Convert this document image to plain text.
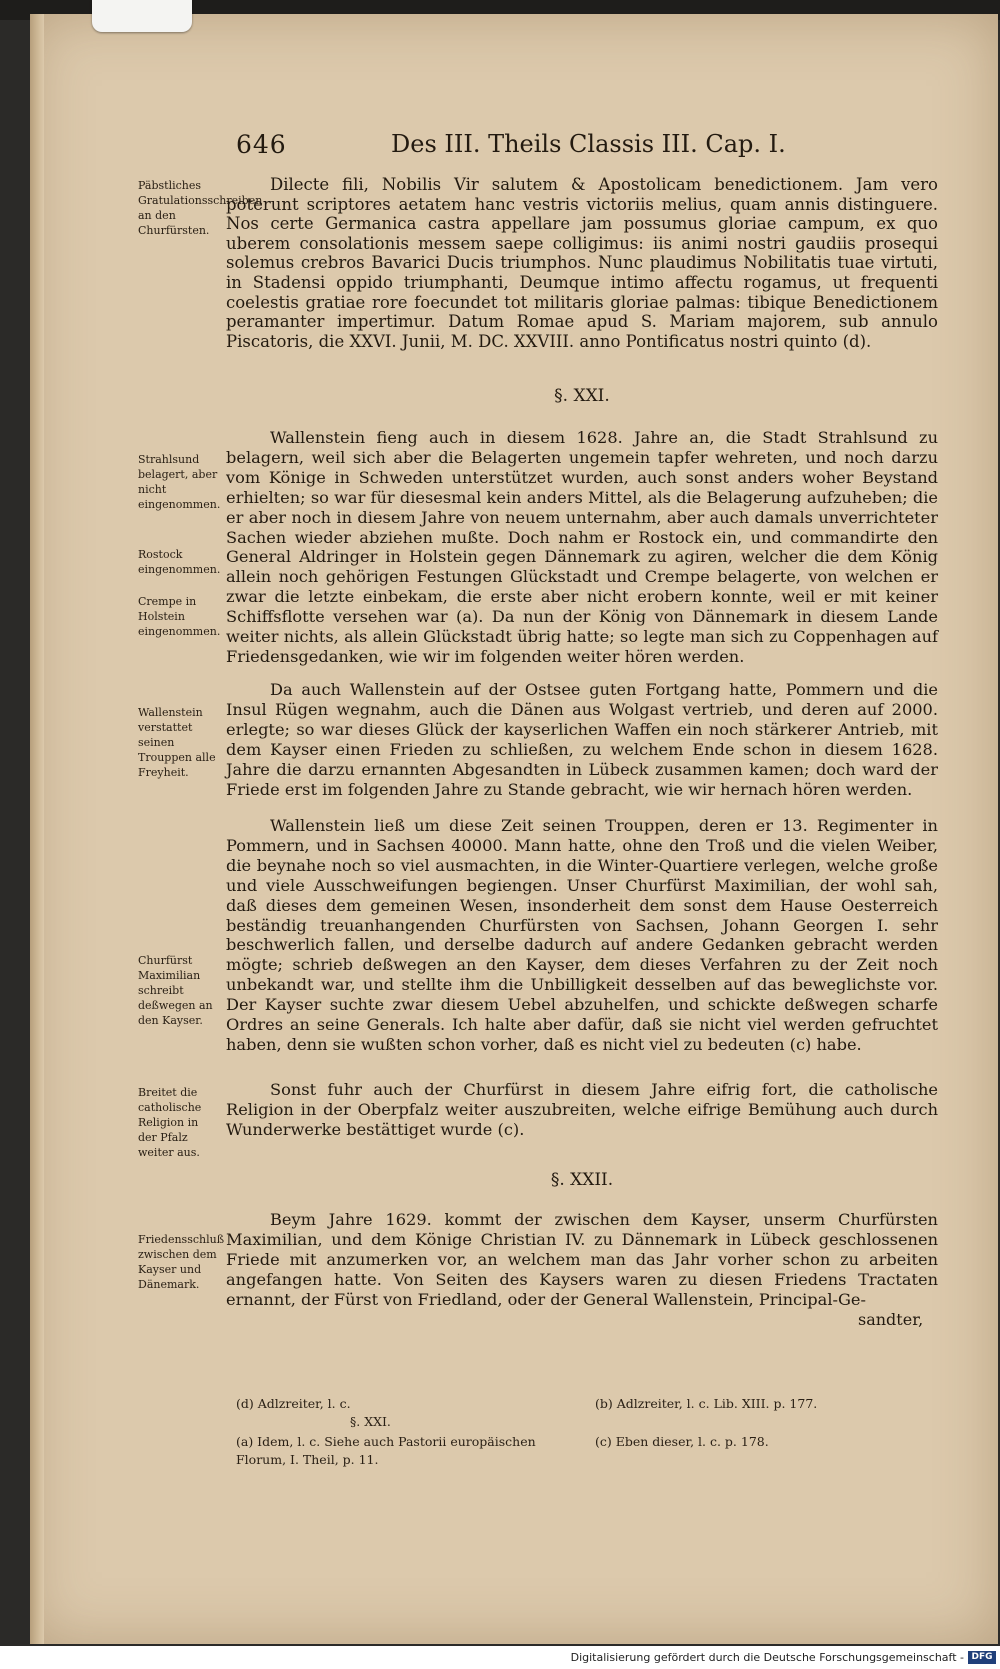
646	Des III. Theils Classis III. Cap. I.
Päbstliches Gratulationsschreiben an den Churfürsten.
Strahlsund belagert, aber nicht eingenommen.
Rostock eingenommen.
Crempe in Holstein eingenommen.
Wallenstein verstattet seinen Trouppen alle Freyheit.
Churfürst Maximilian schreibt deßwegen an den Kayser.
Breitet die catholische Religion in der Pfalz weiter aus.
Friedensschluß zwischen dem Kayser und Dänemark.
Dilecte fili, Nobilis Vir salutem & Apostolicam benedictionem. Jam vero poterunt scriptores aetatem hanc vestris victoriis melius, quam annis distinguere. Nos certe Germanica castra appellare jam possumus gloriae campum, ex quo uberem consolationis messem saepe colligimus: iis animi nostri gaudiis prosequi solemus crebros Bavarici Ducis triumphos. Nunc plaudimus Nobilitatis tuae virtuti, in Stadensi oppido triumphanti, Deumque intimo affectu rogamus, ut frequenti coelestis gratiae rore foecundet tot militaris gloriae palmas: tibique Benedictionem peramanter impertimur. Datum Romae apud S. Mariam majorem, sub annulo Piscatoris, die XXVI. Junii, M. DC. XXVIII. anno Pontificatus nostri quinto (d).
§. XXI.
Wallenstein fieng auch in diesem 1628. Jahre an, die Stadt Strahlsund zu belagern, weil sich aber die Belagerten ungemein tapfer wehreten, und noch darzu vom Könige in Schweden unterstützet wurden, auch sonst anders woher Beystand erhielten; so war für diesesmal kein anders Mittel, als die Belagerung aufzuheben; die er aber noch in diesem Jahre von neuem unternahm, aber auch damals unverrichteter Sachen wieder abziehen mußte. Doch nahm er Rostock ein, und commandirte den General Aldringer in Holstein gegen Dännemark zu agiren, welcher die dem König allein noch gehörigen Festungen Glückstadt und Crempe belagerte, von welchen er zwar die letzte einbekam, die erste aber nicht erobern konnte, weil er mit keiner Schiffsflotte versehen war (a). Da nun der König von Dännemark in diesem Lande weiter nichts, als allein Glückstadt übrig hatte; so legte man sich zu Coppenhagen auf Friedensgedanken, wie wir im folgenden weiter hören werden.
Da auch Wallenstein auf der Ostsee guten Fortgang hatte, Pommern und die Insul Rügen wegnahm, auch die Dänen aus Wolgast vertrieb, und deren auf 2000. erlegte; so war dieses Glück der kayserlichen Waffen ein noch stärkerer Antrieb, mit dem Kayser einen Frieden zu schließen, zu welchem Ende schon in diesem 1628. Jahre die darzu ernannten Abgesandten in Lübeck zusammen kamen; doch ward der Friede erst im folgenden Jahre zu Stande gebracht, wie wir hernach hören werden.
Wallenstein ließ um diese Zeit seinen Trouppen, deren er 13. Regimenter in Pommern, und in Sachsen 40000. Mann hatte, ohne den Troß und die vielen Weiber, die beynahe noch so viel ausmachten, in die Winter-Quartiere verlegen, welche große und viele Ausschweifungen begiengen. Unser Churfürst Maximilian, der wohl sah, daß dieses dem gemeinen Wesen, insonderheit dem sonst dem Hause Oesterreich beständig treuanhangenden Churfürsten von Sachsen, Johann Georgen I. sehr beschwerlich fallen, und derselbe dadurch auf andere Gedanken gebracht werden mögte; schrieb deßwegen an den Kayser, dem dieses Verfahren zu der Zeit noch unbekandt war, und stellte ihm die Unbilligkeit desselben auf das beweglichste vor. Der Kayser suchte zwar diesem Uebel abzuhelfen, und schickte deßwegen scharfe Ordres an seine Generals. Ich halte aber dafür, daß sie nicht viel werden gefruchtet haben, denn sie wußten schon vorher, daß es nicht viel zu bedeuten (c) habe.
Sonst fuhr auch der Churfürst in diesem Jahre eifrig fort, die catholische Religion in der Oberpfalz weiter auszubreiten, welche eifrige Bemühung auch durch Wunderwerke bestättiget wurde (c).
§. XXII.
Beym Jahre 1629. kommt der zwischen dem Kayser, unserm Churfürsten Maximilian, und dem Könige Christian IV. zu Dännemark in Lübeck geschlossenen Friede mit anzumerken vor, an welchem man das Jahr vorher schon zu arbeiten angefangen hatte. Von Seiten des Kaysers waren zu diesen Friedens Tractaten ernannt, der Fürst von Friedland, oder der General Wallenstein, Principal-Ge-
sandter,
(d) Adlzreiter, l. c.
§. XXI.
(a) Idem, l. c. Siehe auch Pastorii europäischen Florum, I. Theil, p. 11.
(b) Adlzreiter, l. c. Lib. XIII. p. 177.
(c) Eben dieser, l. c. p. 178.
Digitalisierung gefördert durch die Deutsche Forschungsgemeinschaft - DFG
